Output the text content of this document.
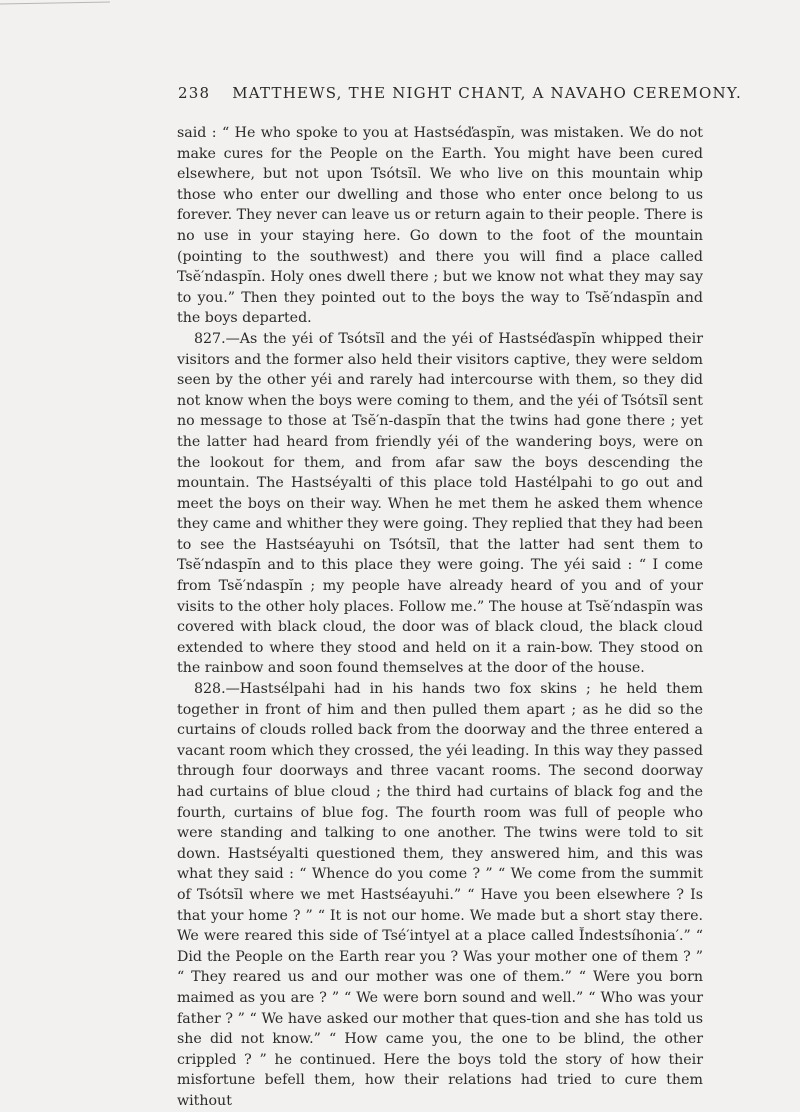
238 MATTHEWS, THE NIGHT CHANT, A NAVAHO CEREMONY.

said : “ He who spoke to you at Hastséďaspĭn, was mistaken. We do not make cures for the People on the Earth. You might have been cured elsewhere, but not upon Tsótsĭl. We who live on this mountain whip those who enter our dwelling and those who enter once belong to us forever. They never can leave us or return again to their people. There is no use in your staying here. Go down to the foot of the mountain (pointing to the southwest) and there you will find a place called Tsĕ′ndaspĭn. Holy ones dwell there ; but we know not what they may say to you.” Then they pointed out to the boys the way to Tsĕ′ndaspĭn and the boys departed.

827.—As the yéi of Tsótsĭl and the yéi of Hastséďaspĭn whipped their visitors and the former also held their visitors captive, they were seldom seen by the other yéi and rarely had intercourse with them, so they did not know when the boys were coming to them, and the yéi of Tsótsĭl sent no message to those at Tsĕ′n-daspĭn that the twins had gone there ; yet the latter had heard from friendly yéi of the wandering boys, were on the lookout for them, and from afar saw the boys descending the mountain. The Hastséyalti of this place told Hastélpahi to go out and meet the boys on their way. When he met them he asked them whence they came and whither they were going. They replied that they had been to see the Hastséayuhi on Tsótsĭl, that the latter had sent them to Tsĕ′ndaspĭn and to this place they were going. The yéi said : “ I come from Tsĕ′ndaspĭn ; my people have already heard of you and of your visits to the other holy places. Follow me.” The house at Tsĕ′ndaspĭn was covered with black cloud, the door was of black cloud, the black cloud extended to where they stood and held on it a rain-bow. They stood on the rainbow and soon found themselves at the door of the house.

828.—Hastsélpahi had in his hands two fox skins ; he held them together in front of him and then pulled them apart ; as he did so the curtains of clouds rolled back from the doorway and the three entered a vacant room which they crossed, the yéi leading. In this way they passed through four doorways and three vacant rooms. The second doorway had curtains of blue cloud ; the third had curtains of black fog and the fourth, curtains of blue fog. The fourth room was full of people who were standing and talking to one another. The twins were told to sit down. Hastséyalti questioned them, they answered him, and this was what they said : “ Whence do you come ? ” “ We come from the summit of Tsótsĭl where we met Hastséayuhi.” “ Have you been elsewhere ? Is that your home ? ” “ It is not our home. We made but a short stay there. We were reared this side of Tsé′intyel at a place called Ĭndestsíhonia′.” “ Did the People on the Earth rear you ? Was your mother one of them ? ” “ They reared us and our mother was one of them.” “ Were you born maimed as you are ? ” “ We were born sound and well.” “ Who was your father ? ” “ We have asked our mother that ques-tion and she has told us she did not know.” “ How came you, the one to be blind, the other crippled ? ” he continued. Here the boys told the story of how their misfortune befell them, how their relations had tried to cure them without
